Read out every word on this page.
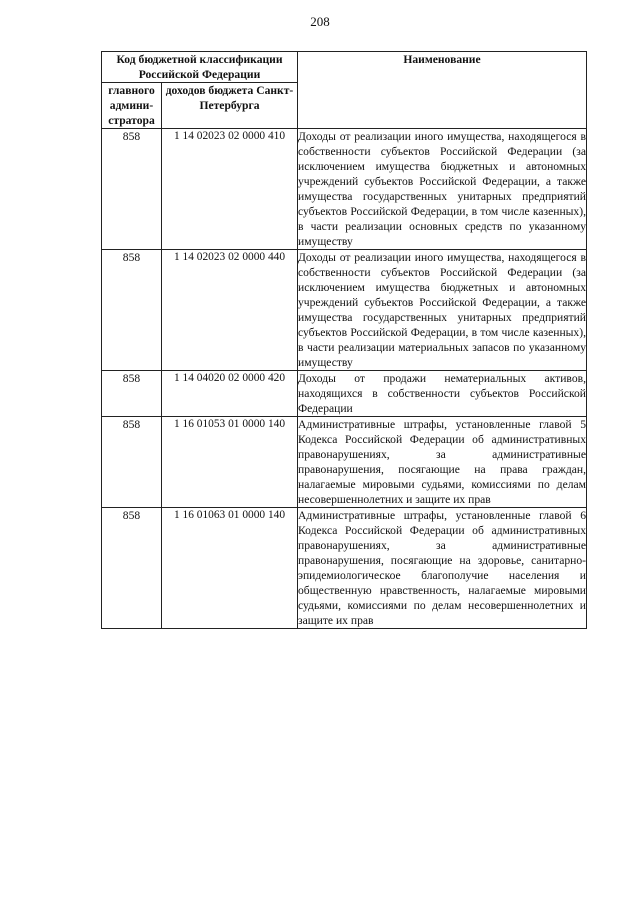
208
Код бюджетной классификации Российской Федерации		Наименование
главного админи-стратора	доходов бюджета Санкт-Петербурга	
858	1 14 02023 02 0000 410	Доходы от реализации иного имущества, находящегося в собственности субъектов Российской Федерации (за исключением имущества бюджетных и автономных учреждений субъектов Российской Федерации, а также имущества государственных унитарных предприятий субъектов Российской Федерации, в том числе казенных), в части реализации основных средств по указанному имуществу
858	1 14 02023 02 0000 440	Доходы от реализации иного имущества, находящегося в собственности субъектов Российской Федерации (за исключением имущества бюджетных и автономных учреждений субъектов Российской Федерации, а также имущества государственных унитарных предприятий субъектов Российской Федерации, в том числе казенных), в части реализации материальных запасов по указанному имуществу
858	1 14 04020 02 0000 420	Доходы от продажи нематериальных активов, находящихся в собственности субъектов Российской Федерации
858	1 16 01053 01 0000 140	Административные штрафы, установленные главой 5 Кодекса Российской Федерации об административных правонарушениях, за административные правонарушения, посягающие на права граждан, налагаемые мировыми судьями, комиссиями по делам несовершеннолетних и защите их прав
858	1 16 01063 01 0000 140	Административные штрафы, установленные главой 6 Кодекса Российской Федерации об административных правонарушениях, за административные правонарушения, посягающие на здоровье, санитарно-эпидемиологическое благополучие населения и общественную нравственность, налагаемые мировыми судьями, комиссиями по делам несовершеннолетних и защите их прав
